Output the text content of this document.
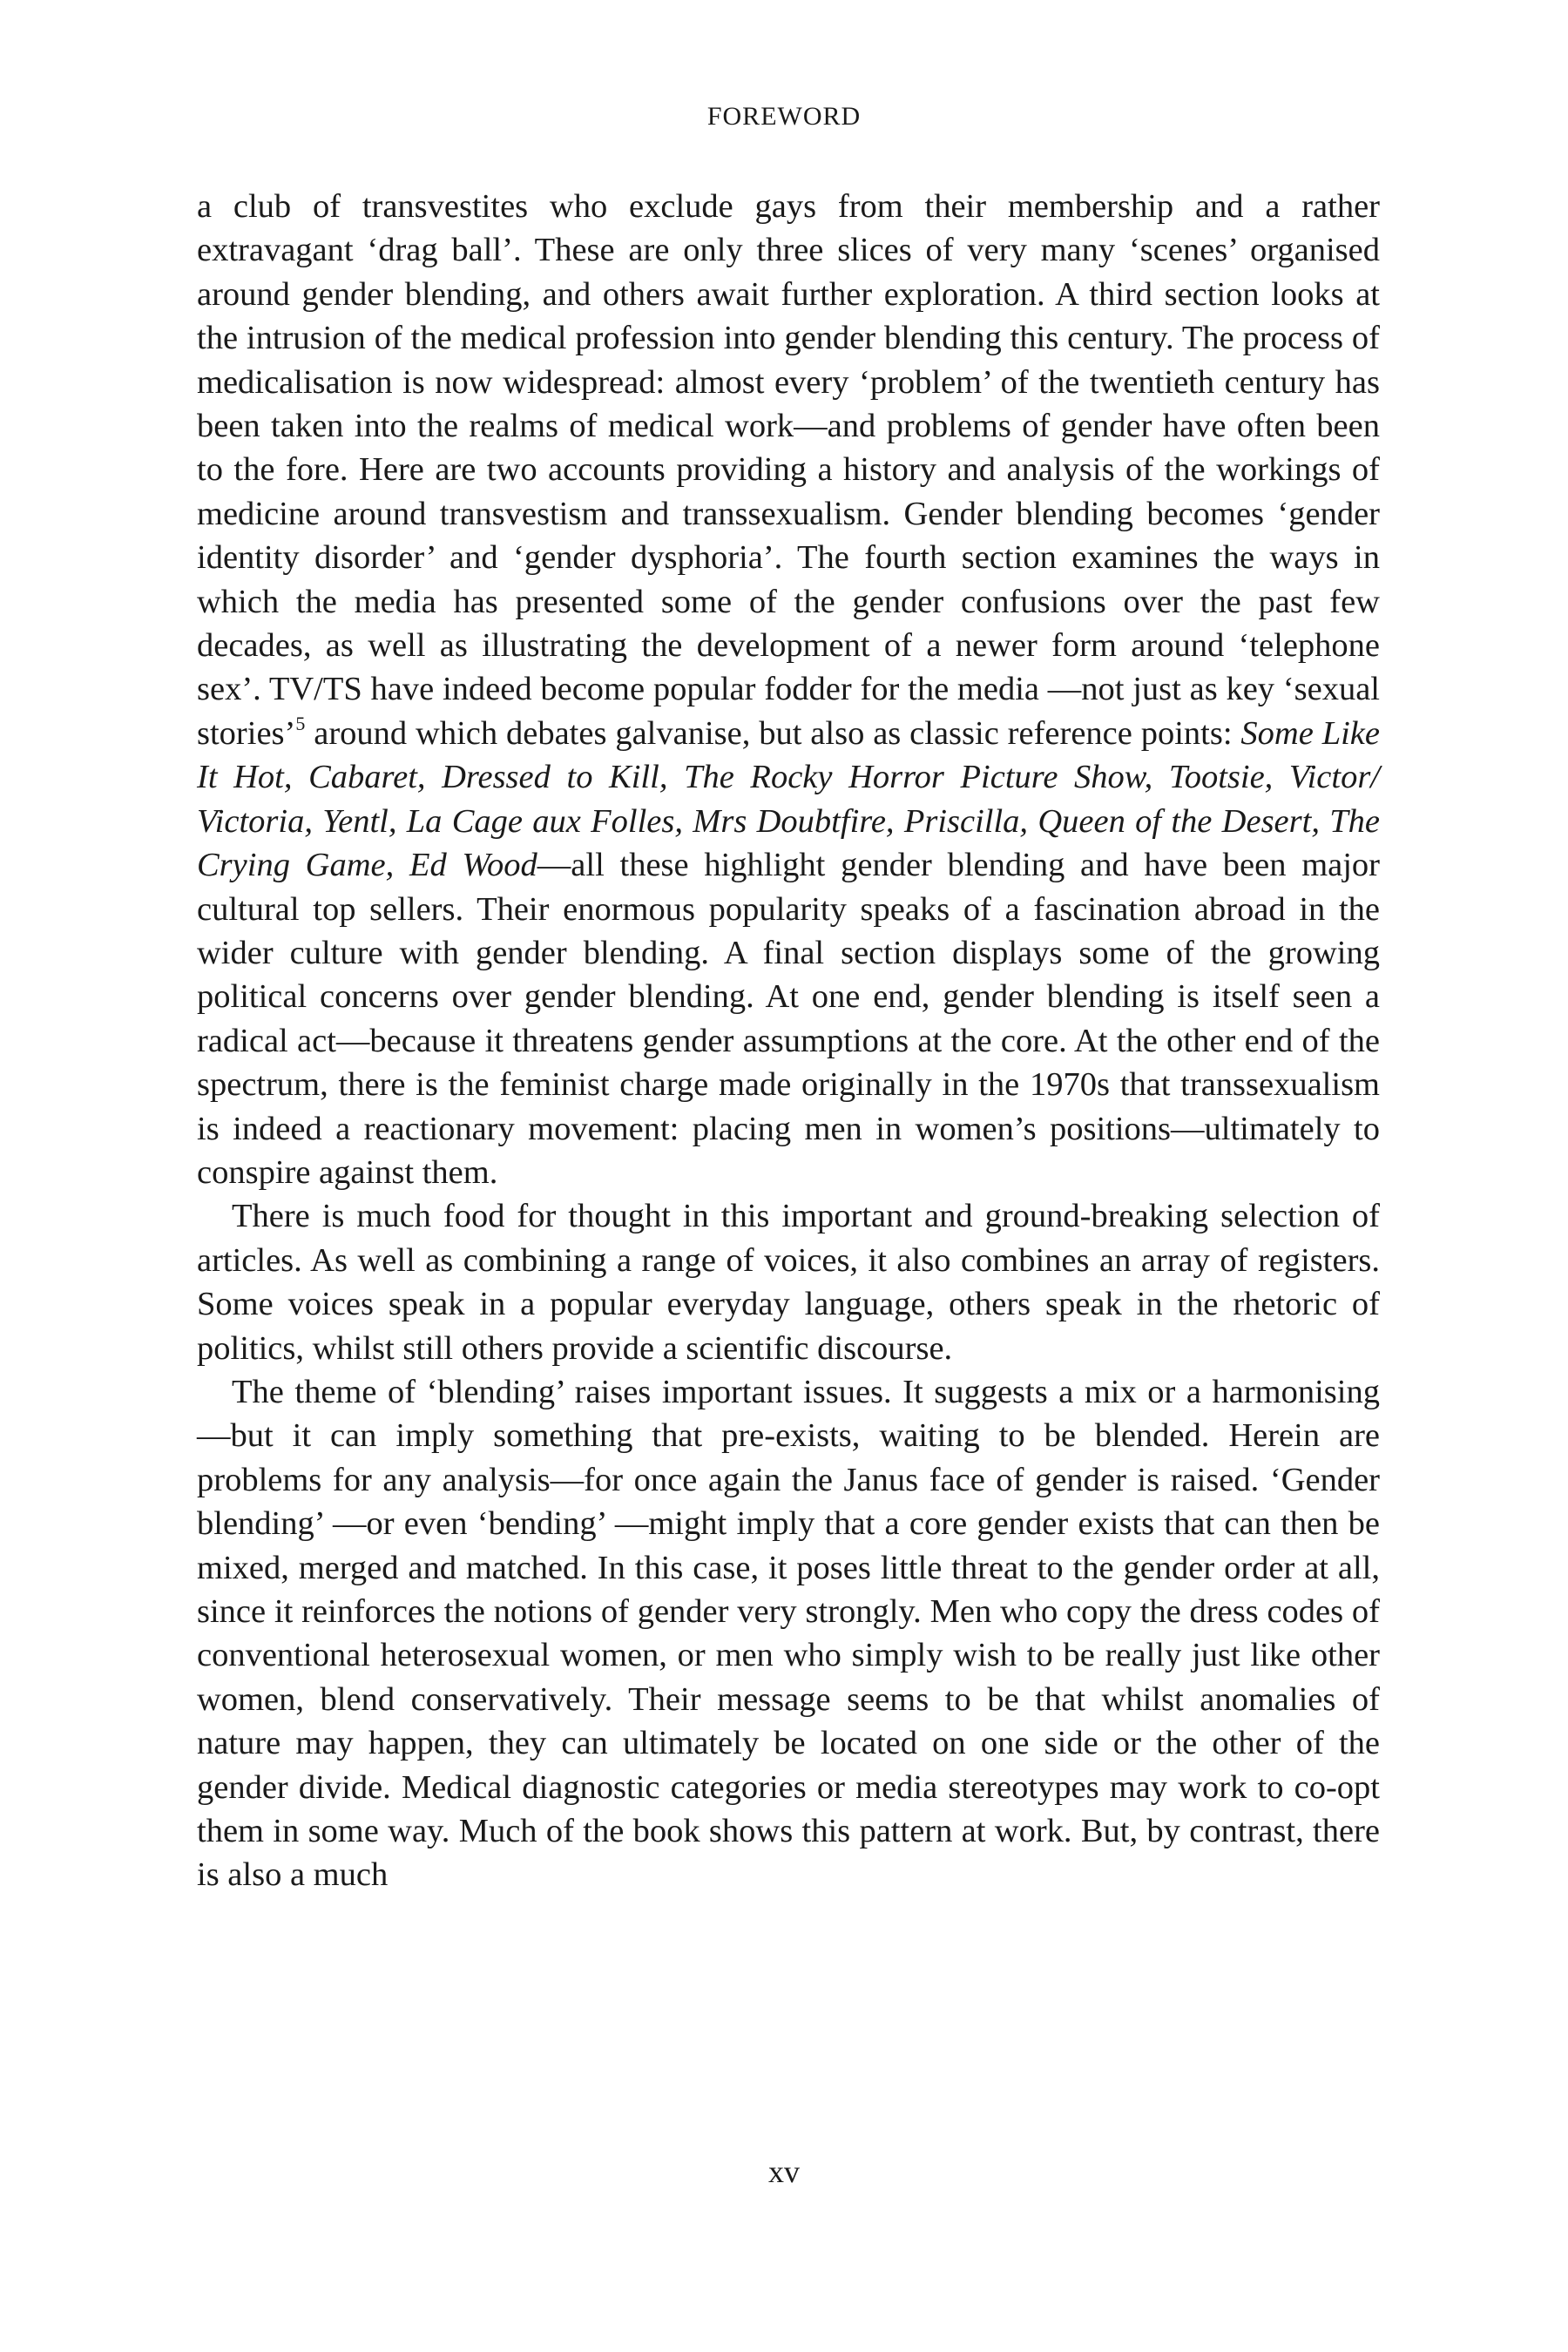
FOREWORD

a club of transvestites who exclude gays from their membership and a rather extravagant ‘drag ball’. These are only three slices of very many ‘scenes’ organised around gender blending, and others await further exploration. A third section looks at the intrusion of the medical profession into gender blending this century. The process of medicalisation is now widespread: almost every ‘problem’ of the twentieth century has been taken into the realms of medical work—and problems of gender have often been to the fore. Here are two accounts providing a history and analysis of the workings of medicine around transvestism and transsexualism. Gender blending becomes ‘gender identity disorder’ and ‘gender dysphoria’. The fourth section examines the ways in which the media has presented some of the gender confusions over the past few decades, as well as illustrating the development of a newer form around ‘telephone sex’. TV/TS have indeed become popular fodder for the media —not just as key ‘sexual stories’$^5$ around which debates galvanise, but also as classic reference points: Some Like It Hot, Cabaret, Dressed to Kill, The Rocky Horror Picture Show, Tootsie, Victor/ Victoria, Yentl, La Cage aux Folles, Mrs Doubtfire, Priscilla, Queen of the Desert, The Crying Game, Ed Wood—all these highlight gender blending and have been major cultural top sellers. Their enormous popularity speaks of a fascination abroad in the wider culture with gender blending. A final section displays some of the growing political concerns over gender blending. At one end, gender blending is itself seen a radical act—because it threatens gender assumptions at the core. At the other end of the spectrum, there is the feminist charge made originally in the 1970s that transsexualism is indeed a reactionary movement: placing men in women’s positions—ultimately to conspire against them.

There is much food for thought in this important and ground-breaking selection of articles. As well as combining a range of voices, it also combines an array of registers. Some voices speak in a popular everyday language, others speak in the rhetoric of politics, whilst still others provide a scientific discourse.

The theme of ‘blending’ raises important issues. It suggests a mix or a harmonising—but it can imply something that pre-exists, waiting to be blended. Herein are problems for any analysis—for once again the Janus face of gender is raised. ‘Gender blending’ —or even ‘bending’ —might imply that a core gender exists that can then be mixed, merged and matched. In this case, it poses little threat to the gender order at all, since it reinforces the notions of gender very strongly. Men who copy the dress codes of conventional heterosexual women, or men who simply wish to be really just like other women, blend conservatively. Their message seems to be that whilst anomalies of nature may happen, they can ultimately be located on one side or the other of the gender divide. Medical diagnostic categories or media stereotypes may work to co-opt them in some way. Much of the book shows this pattern at work. But, by contrast, there is also a much

xv
